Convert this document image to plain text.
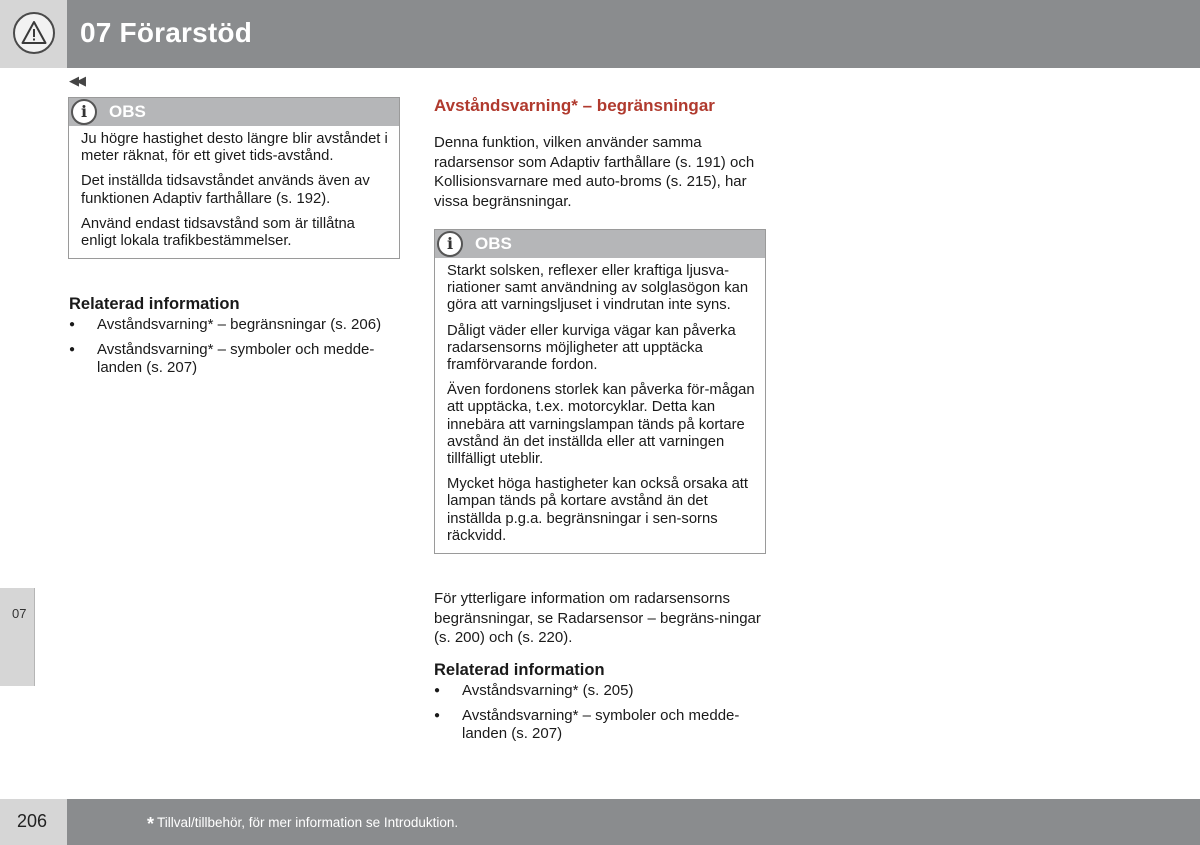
07 Förarstöd
◀◀
07
i	OBS

Ju högre hastighet desto längre blir avståndet i meter räknat, för ett givet tids-avstånd.

Det inställda tidsavståndet används även av funktionen Adaptiv farthållare (s. 192).

Använd endast tidsavstånd som är tillåtna enligt lokala trafikbestämmelser.

Relaterad information
● Avståndsvarning* – begränsningar (s. 206)
● Avståndsvarning* – symboler och medde-landen (s. 207)
Avståndsvarning* – begränsningar
Denna funktion, vilken använder samma radarsensor som Adaptiv farthållare (s. 191) och Kollisionsvarnare med auto-broms (s. 215), har vissa begränsningar.
i	OBS

Starkt solsken, reflexer eller kraftiga ljusva-riationer samt användning av solglasögon kan göra att varningsljuset i vindrutan inte syns.

Dåligt väder eller kurviga vägar kan påverka radarsensorns möjligheter att upptäcka framförvarande fordon.

Även fordonens storlek kan påverka för-mågan att upptäcka, t.ex. motorcyklar. Detta kan innebära att varningslampan tänds på kortare avstånd än det inställda eller att varningen tillfälligt uteblir.

Mycket höga hastigheter kan också orsaka att lampan tänds på kortare avstånd än det inställda p.g.a. begränsningar i sen-sorns räckvidd.

För ytterligare information om radarsensorns begränsningar, se Radarsensor – begräns-ningar (s. 200) och (s. 220).
Relaterad information
● Avståndsvarning* (s. 205)
● Avståndsvarning* – symboler och medde-landen (s. 207)
206	* Tillval/tillbehör, för mer information se Introduktion.
